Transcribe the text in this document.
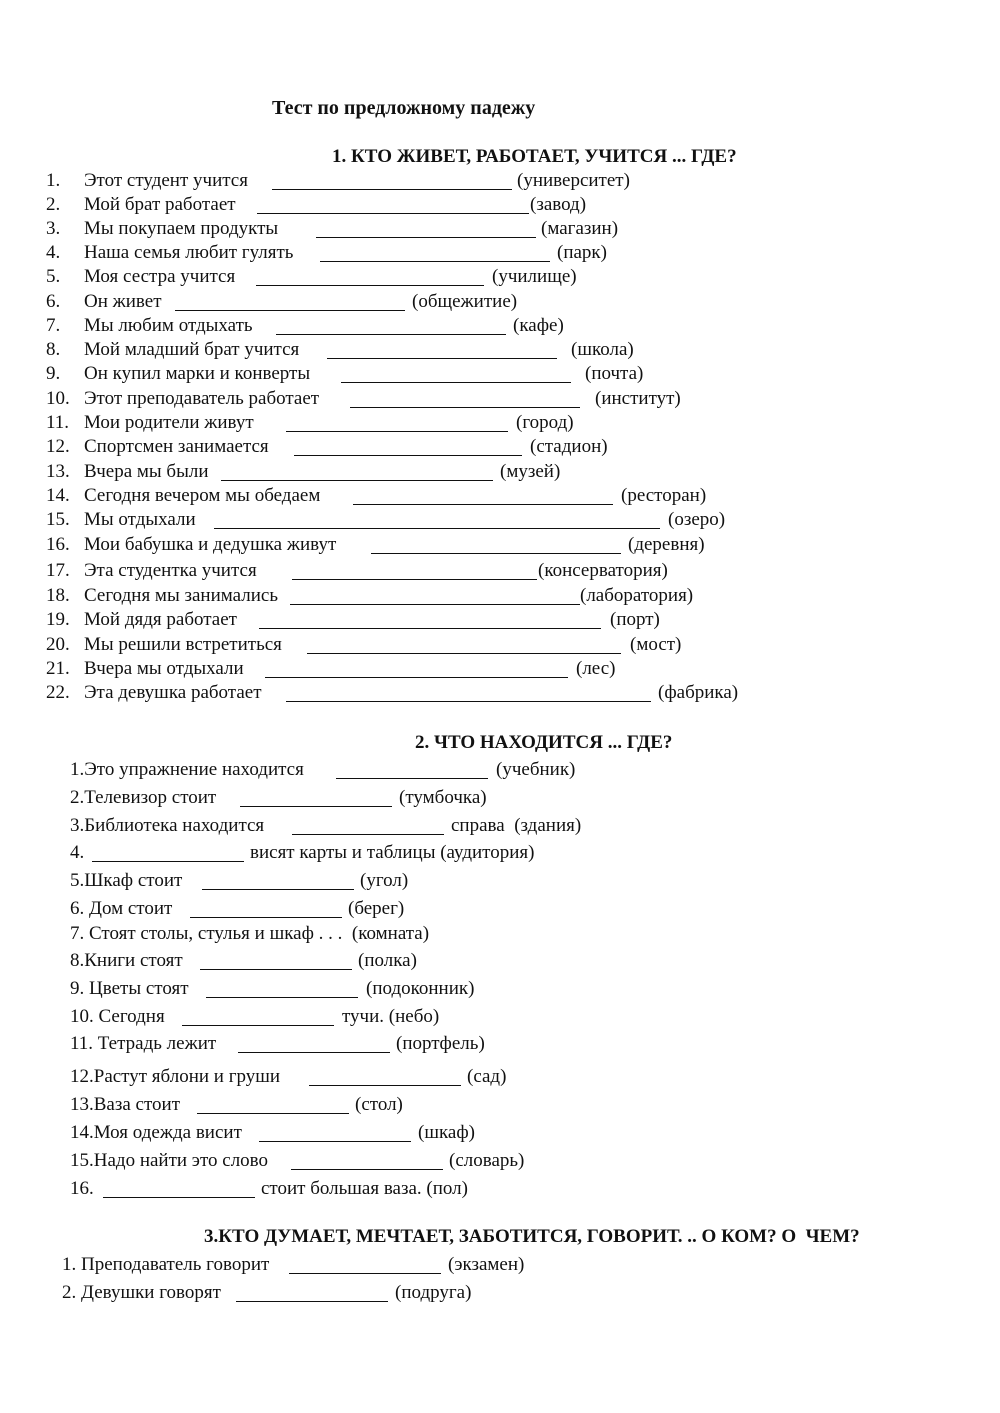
Тест по предложному падежу
1. КТО ЖИВЕТ, РАБОТАЕТ, УЧИТСЯ ... ГДЕ?
1. Этот студент учится	(университет)
2. Мой брат работает	(завод)
3. Мы покупаем продукты	(магазин)
4. Наша семья любит гулять	(парк)
5. Моя сестра учится	(училище)
6. Он живет	(общежитие)
7. Мы любим отдыхать	(кафе)
8. Мой младший брат учится	(школа)
9. Он купил марки и конверты	(почта)
10. Этот преподаватель работает	(институт)
11. Мои родители живут	(город)
12. Спортсмен занимается	(стадион)
13. Вчера мы были	(музей)
14. Сегодня вечером мы обедаем	(ресторан)
15. Мы отдыхали	(озеро)
16. Мои бабушка и дедушка живут	(деревня)
17. Эта студентка учится	(консерватория)
18. Сегодня мы занимались	(лаборатория)
19. Мой дядя работает	(порт)
20. Мы решили встретиться	(мост)
21. Вчера мы отдыхали	(лес)
22. Эта девушка работает	(фабрика)
2. ЧТО НАХОДИТСЯ ... ГДЕ?
1.Это упражнение находится	(учебник)
2.Телевизор стоит	(тумбочка)
3.Библиотека находится	справа  (здания)
4.	висят карты и таблицы (аудитория)
5.Шкаф стоит	(угол)
6. Дом стоит	(берег)
7. Стоят столы, стулья и шкаф . . .  (комната)
8.Книги стоят	(полка)
9. Цветы стоят	(подоконник)
10. Сегодня	тучи. (небо)
11. Тетрадь лежит	(портфель)
12.Растут яблони и груши	(сад)
13.Ваза стоит	(стол)
14.Моя одежда висит	(шкаф)
15.Надо найти это слово	(словарь)
16.	стоит большая ваза. (пол)
3.КТО ДУМАЕТ, МЕЧТАЕТ, ЗАБОТИТСЯ, ГОВОРИТ. .. О КОМ? О  ЧЕМ?
1. Преподаватель говорит	(экзамен)
2. Девушки говорят	(подруга)
